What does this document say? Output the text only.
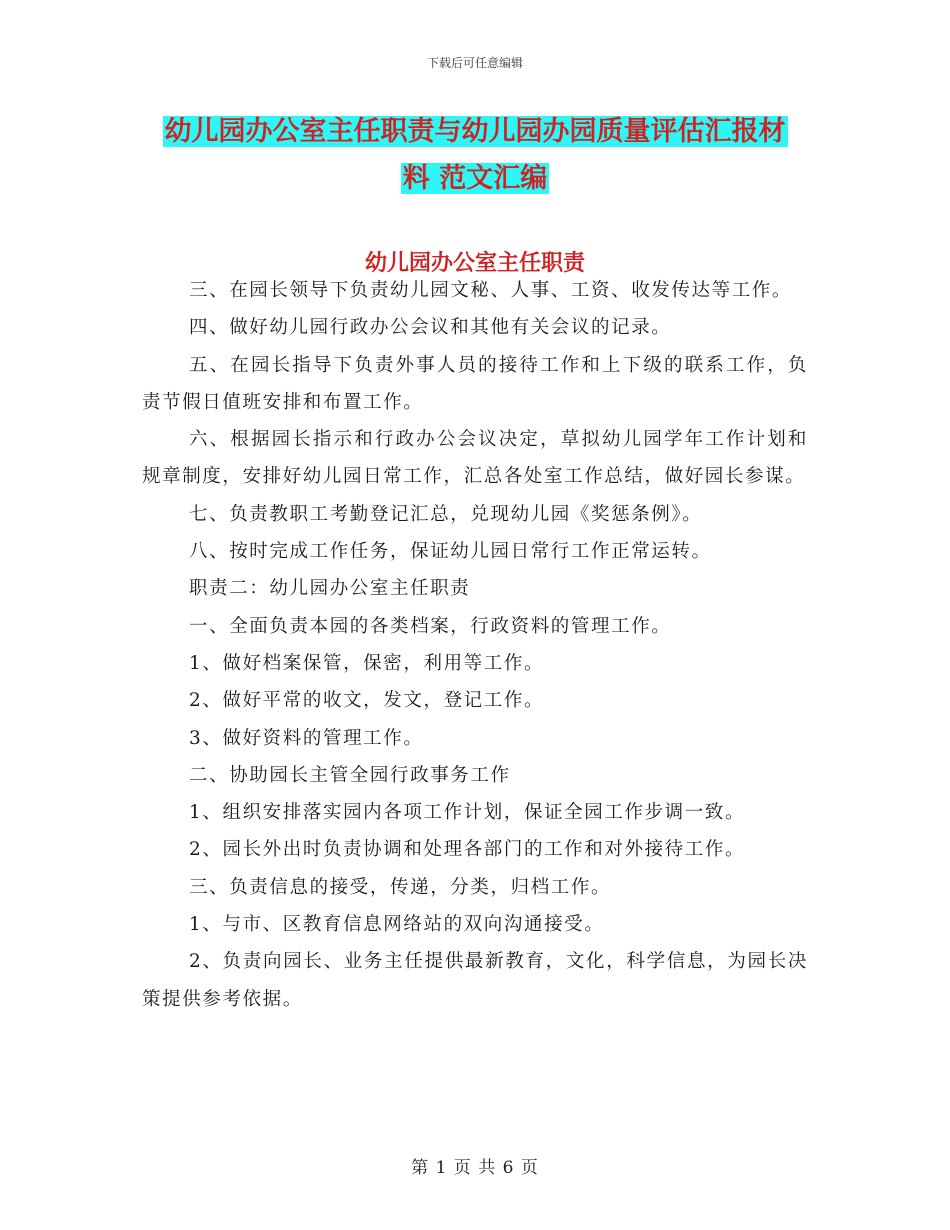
下载后可任意编辑
幼儿园办公室主任职责与幼儿园办园质量评估汇报材
料 范文汇编
幼儿园办公室主任职责

三、在园长领导下负责幼儿园文秘、人事、工资、收发传达等工作。

四、做好幼儿园行政办公会议和其他有关会议的记录。

五、在园长指导下负责外事人员的接待工作和上下级的联系工作，负责节假日值班安排和布置工作。

六、根据园长指示和行政办公会议决定，草拟幼儿园学年工作计划和规章制度，安排好幼儿园日常工作，汇总各处室工作总结，做好园长参谋。

七、负责教职工考勤登记汇总，兑现幼儿园《奖惩条例》。

八、按时完成工作任务，保证幼儿园日常行工作正常运转。

职责二：幼儿园办公室主任职责

一、全面负责本园的各类档案，行政资料的管理工作。

1、做好档案保管，保密，利用等工作。

2、做好平常的收文，发文，登记工作。

3、做好资料的管理工作。

二、协助园长主管全园行政事务工作

1、组织安排落实园内各项工作计划，保证全园工作步调一致。

2、园长外出时负责协调和处理各部门的工作和对外接待工作。

三、负责信息的接受，传递，分类，归档工作。

1、与市、区教育信息网络站的双向沟通接受。

2、负责向园长、业务主任提供最新教育，文化，科学信息，为园长决策提供参考依据。

第 1 页 共 6 页
